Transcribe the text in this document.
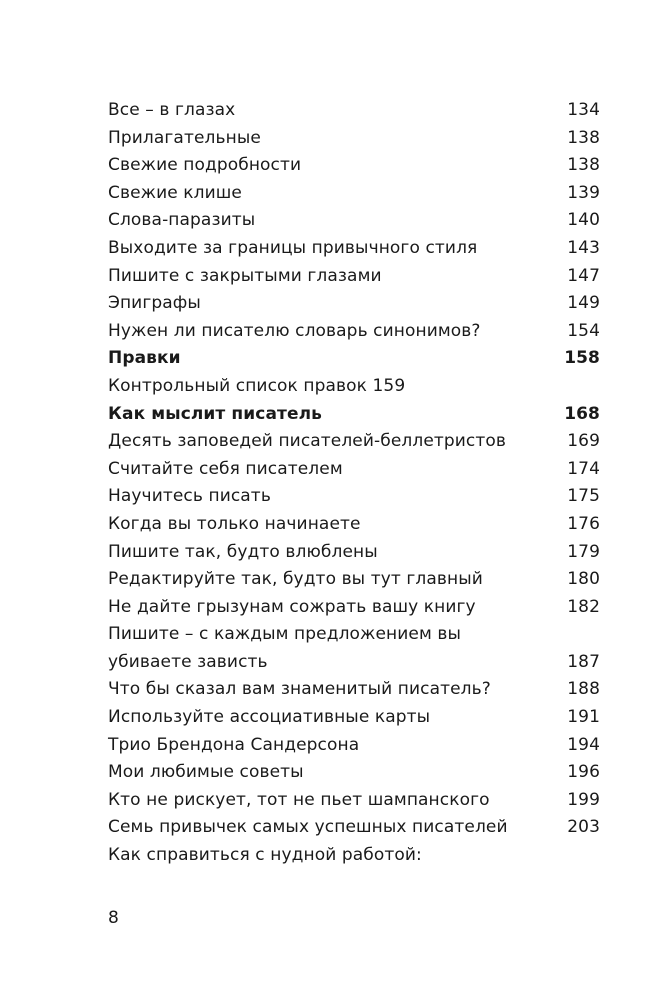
Все – в глазах	134
Прилагательные	138
Свежие подробности	138
Свежие клише	139
Слова-паразиты	140
Выходите за границы привычного стиля	143
Пишите с закрытыми глазами	147
Эпиграфы	149
Нужен ли писателю словарь синонимов?	154
Правки	158
Контрольный список правок 159
Как мыслит писатель	168
Десять заповедей писателей-беллетристов	169
Считайте себя писателем	174
Научитесь писать	175
Когда вы только начинаете	176
Пишите так, будто влюблены	179
Редактируйте так, будто вы тут главный	180
Не дайте грызунам сожрать вашу книгу	182
Пишите – с каждым предложением вы убиваете зависть	187
Что бы сказал вам знаменитый писатель?	188
Используйте ассоциативные карты	191
Трио Брендона Сандерсона	194
Мои любимые советы	196
Кто не рискует, тот не пьет шампанского	199
Семь привычек самых успешных писателей	203
Как справиться с нудной работой:
8
